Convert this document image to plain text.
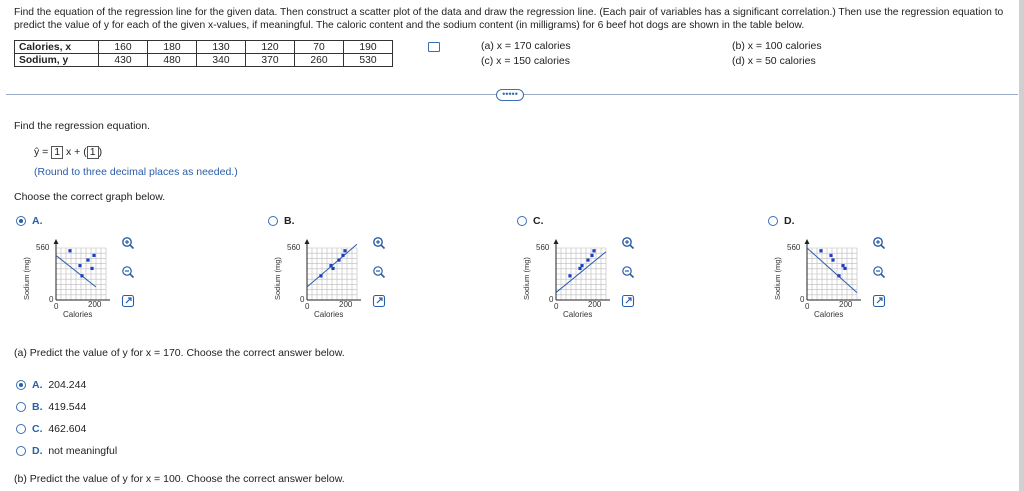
Find the equation of the regression line for the given data. Then construct a scatter plot of the data and draw the regression line. (Each pair of variables has a significant correlation.) Then use the regression equation to predict the value of y for each of the given x-values, if meaningful. The caloric content and the sodium content (in milligrams) for 6 beef hot dogs are shown in the table below.
Calories, x	160	180	130	120	70	190
Sodium, y	430	480	340	370	260	530
(a) x = 170 calories
(c) x = 150 calories
(b) x = 100 calories
(d) x = 50 calories
•••••
Find the regression equation.
ŷ = 1 x + ( 1 )
(Round to three decimal places as needed.)
Choose the correct graph below.
A.	B.	C.	D.
Sodium (mg)
560
0
0	200
Calories
Sodium (mg)
560
0
0	200
Calories
Sodium (mg)
560
0
0	200
Calories
Sodium (mg)
560
0
0	200
Calories
(a) Predict the value of y for x = 170. Choose the correct answer below.
A. 204.244
B. 419.544
C. 462.604
D. not meaningful
(b) Predict the value of y for x = 100. Choose the correct answer below.
